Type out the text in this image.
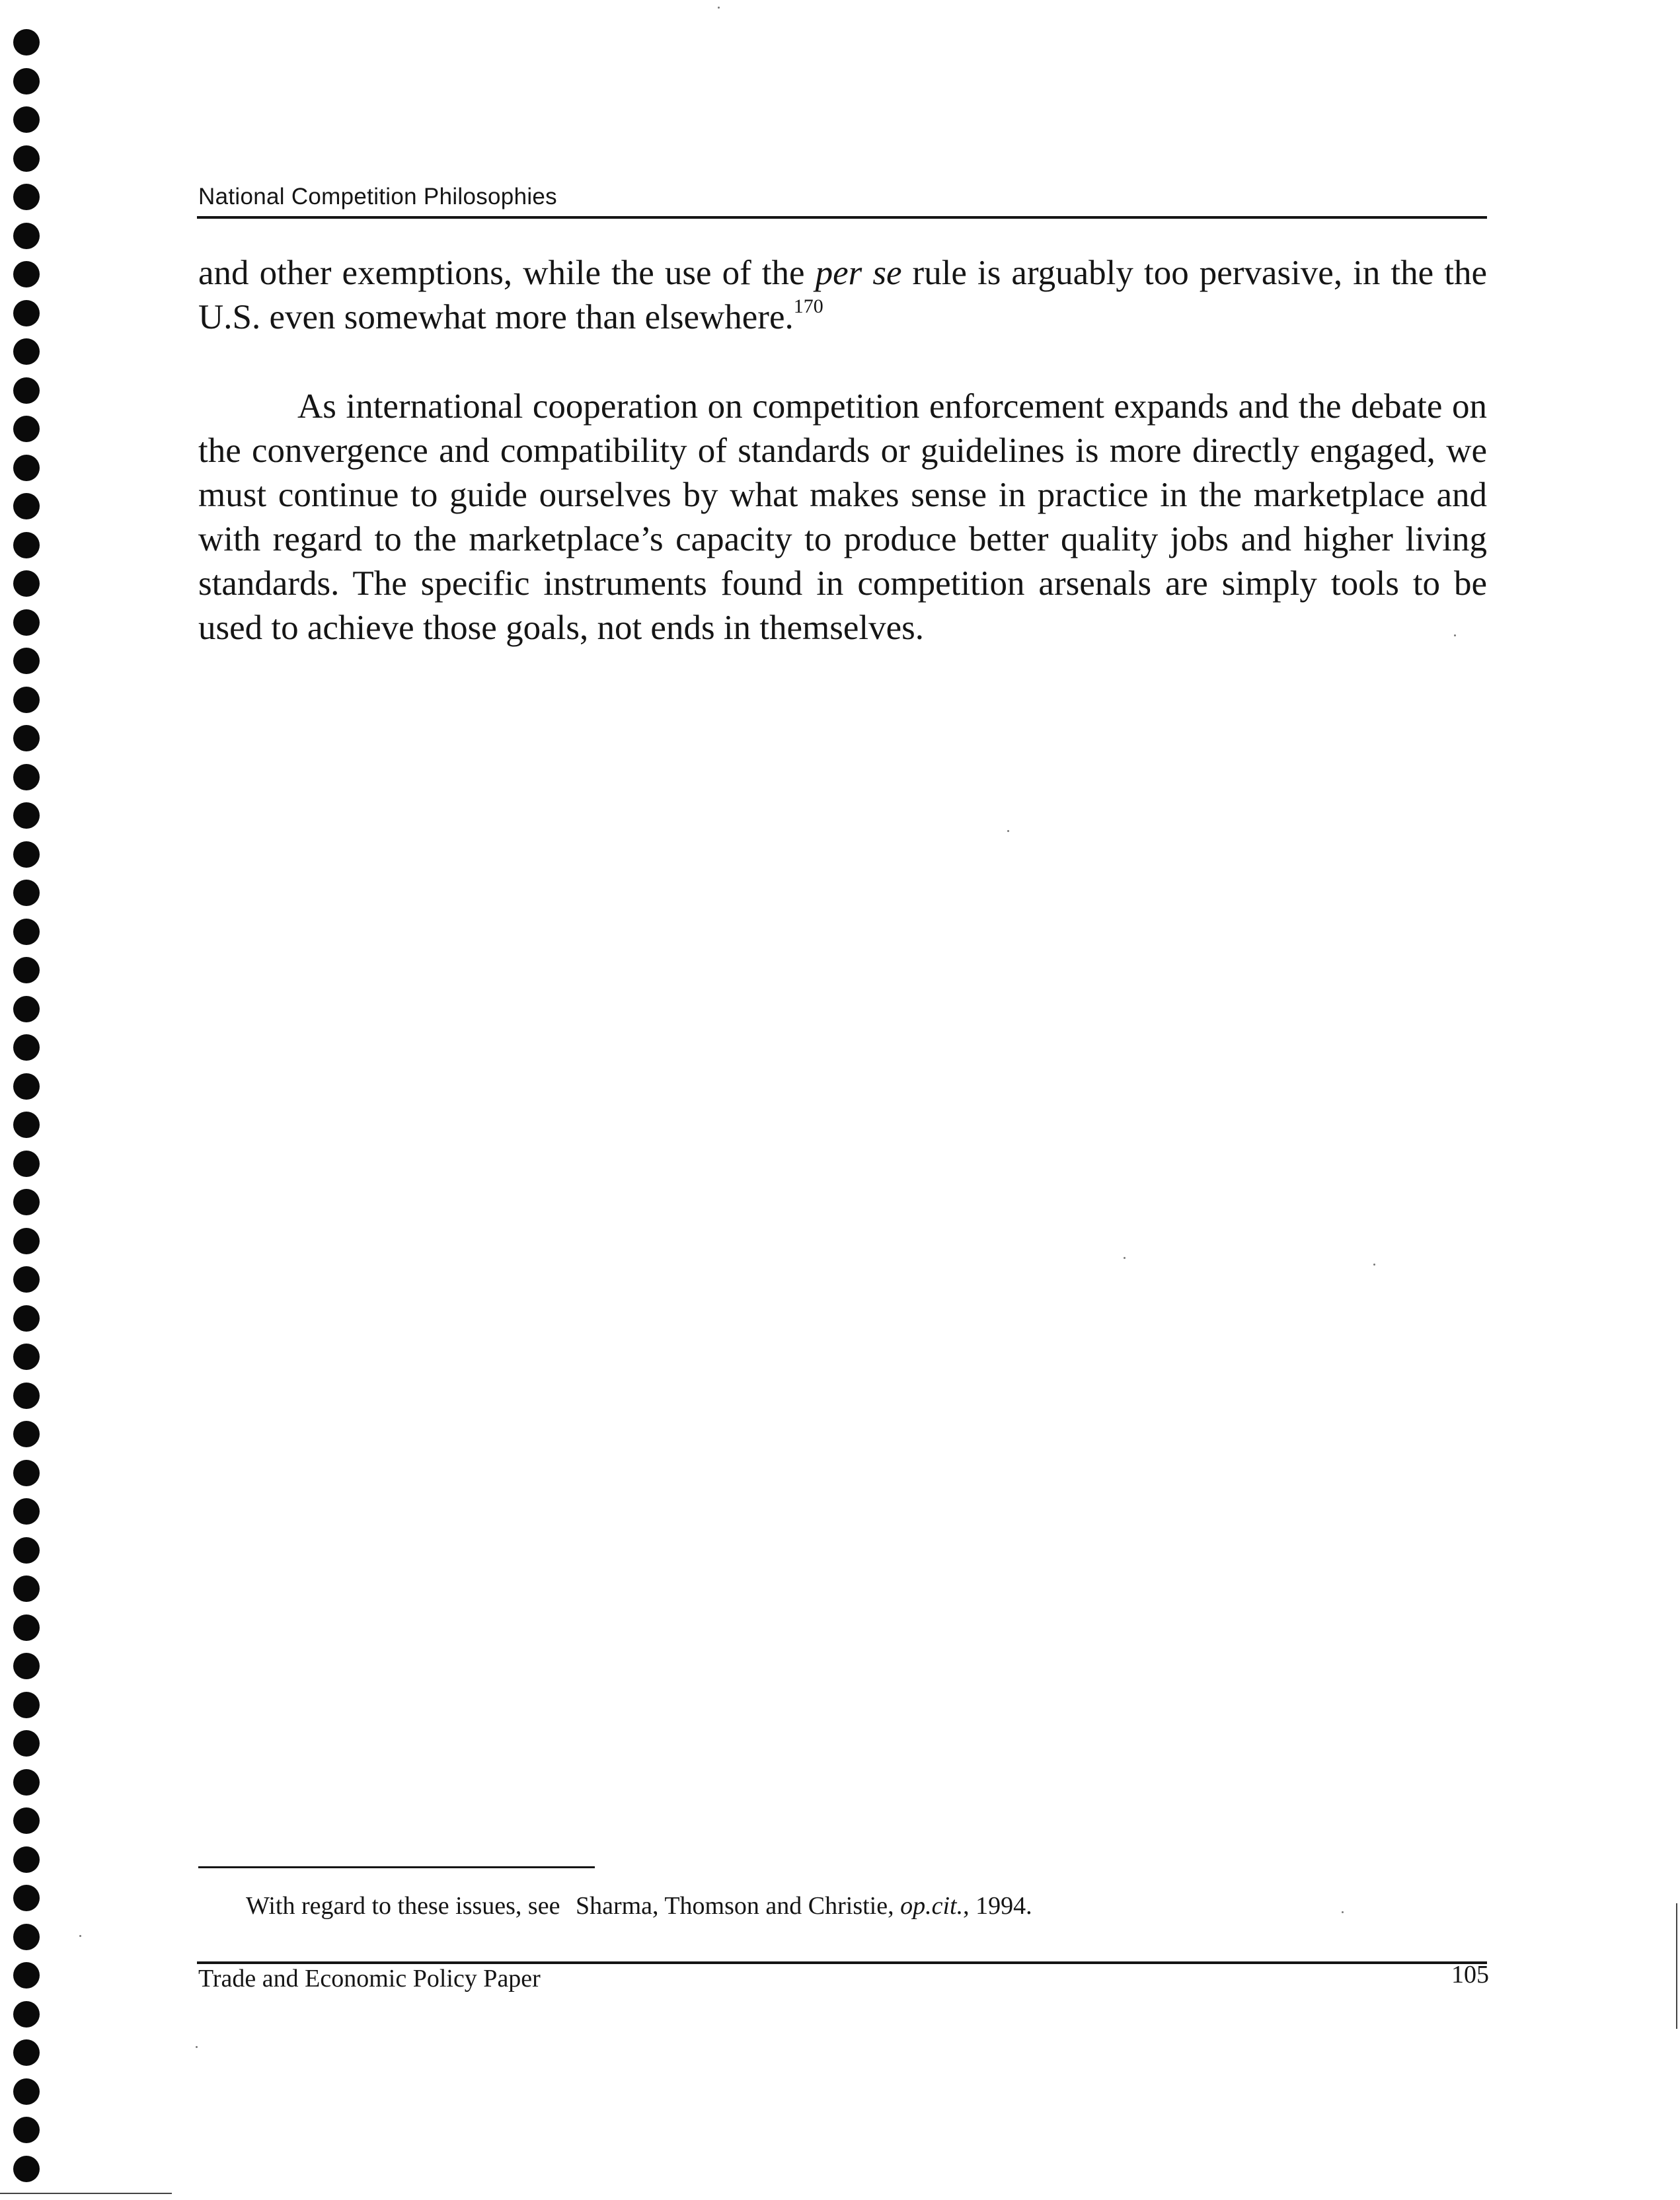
National Competition Philosophies

and other exemptions, while the use of the per se rule is arguably too pervasive, in the the U.S. even somewhat more than elsewhere.$^{170}$

As international cooperation on competition enforcement expands and the debate on the convergence and compatibility of standards or guidelines is more directly engaged, we must continue to guide ourselves by what makes sense in practice in the marketplace and with regard to the marketplace’s capacity to produce better quality jobs and higher living standards. The specific instruments found in competition arsenals are simply tools to be used to achieve those goals, not ends in themselves.

With regard to these issues, see Sharma, Thomson and Christie, op.cit., 1994.
Trade and Economic Policy Paper	105
